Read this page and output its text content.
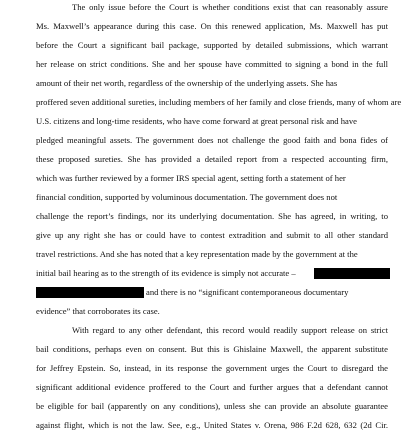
The only issue before the Court is whether conditions exist that can reasonably assure

Ms. Maxwell’s appearance during this case. On this renewed application, Ms. Maxwell has put

before the Court a significant bail package, supported by detailed submissions, which warrant

her release on strict conditions. She and her spouse have committed to signing a bond in the full

amount of their net worth, regardless of the ownership of the underlying assets. She has

proffered seven additional sureties, including members of her family and close friends, many of whom are

U.S. citizens and long-time residents, who have come forward at great personal risk and have

pledged meaningful assets. The government does not challenge the good faith and bona fides of

these proposed sureties. She has provided a detailed report from a respected accounting firm,

which was further reviewed by a former IRS special agent, setting forth a statement of her

financial condition, supported by voluminous documentation. The government does not

challenge the report’s findings, nor its underlying documentation. She has agreed, in writing, to

give up any right she has or could have to contest extradition and submit to all other standard

travel restrictions. And she has noted that a key representation made by the government at the

initial bail hearing as to the strength of its evidence is simply not accurate –

and there is no “significant contemporaneous documentary

evidence” that corroborates its case.

With regard to any other defendant, this record would readily support release on strict

bail conditions, perhaps even on consent. But this is Ghislaine Maxwell, the apparent substitute

for Jeffrey Epstein. So, instead, in its response the government urges the Court to disregard the

significant additional evidence proffered to the Court and further argues that a defendant cannot

be eligible for bail (apparently on any conditions), unless she can provide an absolute guarantee

against flight, which is not the law. See, e.g., United States v. Orena, 986 F.2d 628, 632 (2d Cir.
